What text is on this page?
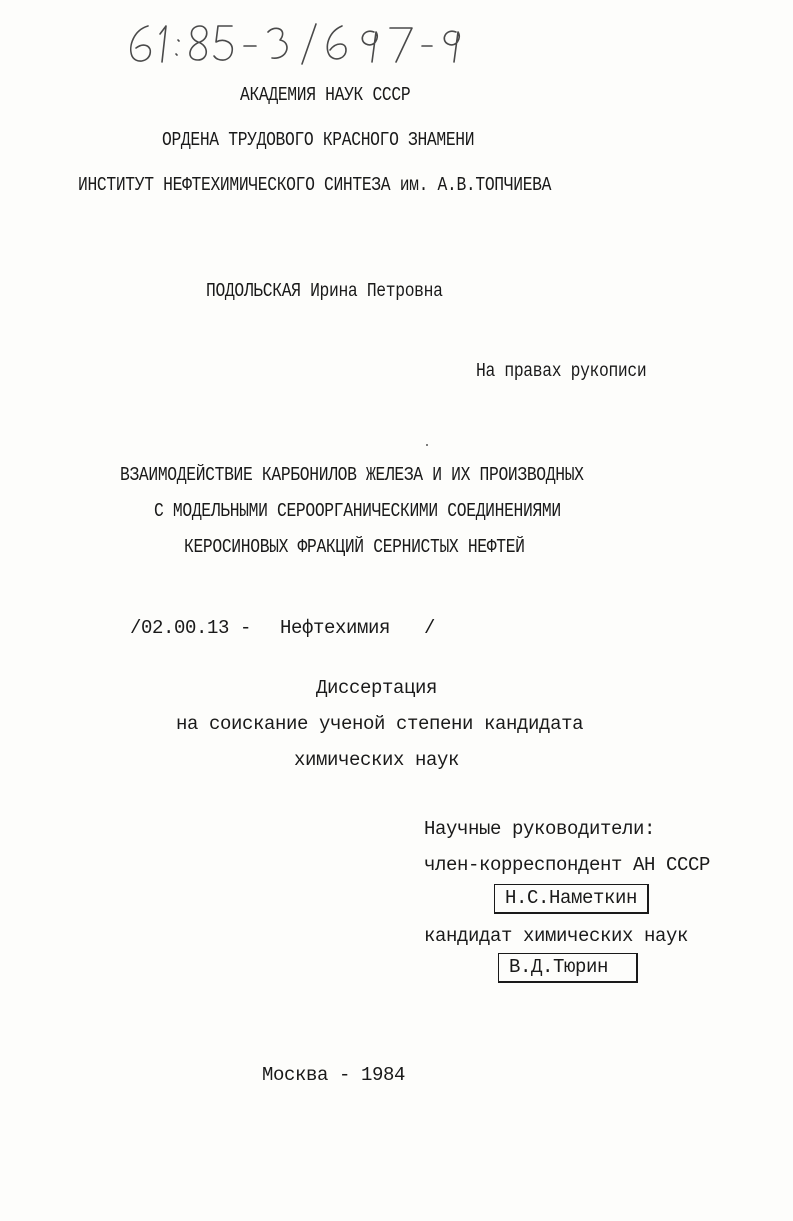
АКАДЕМИЯ НАУК СССР
ОРДЕНА ТРУДОВОГО КРАСНОГО ЗНАМЕНИ
ИНСТИТУТ НЕФТЕХИМИЧЕСКОГО СИНТЕЗА им. А.В.ТОПЧИЕВА
ПОДОЛЬСКАЯ Ирина Петровна
На правах рукописи
ВЗАИМОДЕЙСТВИЕ КАРБОНИЛОВ ЖЕЛЕЗА И ИХ ПРОИЗВОДНЫХ
С МОДЕЛЬНЫМИ СЕРООРГАНИЧЕСКИМИ СОЕДИНЕНИЯМИ
КЕРОСИНОВЫХ ФРАКЦИЙ СЕРНИСТЫХ НЕФТЕЙ
/02.00.13 - Нефтехимия /
Диссертация
на соискание ученой степени кандидата
химических наук
Научные руководители:
член-корреспондент АН СССР
Н.С.Наметкин
кандидат химических наук
В.Д.Тюрин
Москва - 1984
